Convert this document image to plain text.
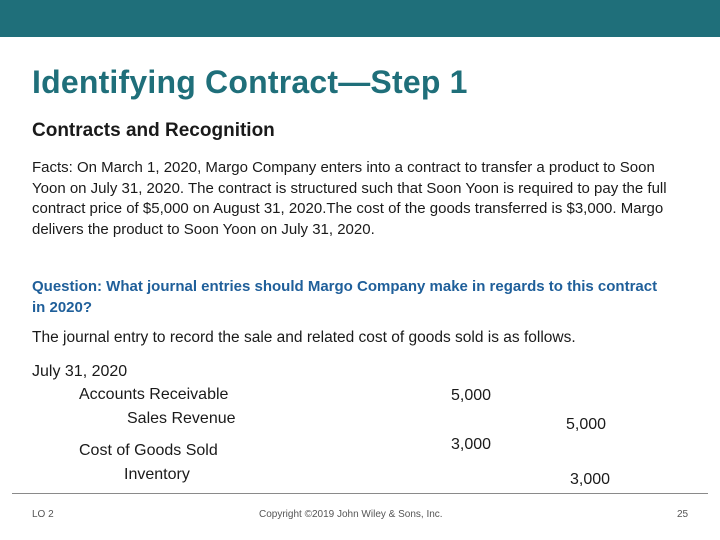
Identifying Contract—Step 1
Contracts and Recognition
Facts: On March 1, 2020, Margo Company enters into a contract to transfer a product to Soon Yoon on July 31, 2020. The contract is structured such that Soon Yoon is required to pay the full contract price of $5,000 on August 31, 2020.The cost of the goods transferred is $3,000. Margo delivers the product to Soon Yoon on July 31, 2020.
Question: What journal entries should Margo Company make in regards to this contract in 2020?
The journal entry to record the sale and related cost of goods sold is as follows.
July 31, 2020
Accounts Receivable	5,000
Sales Revenue	5,000
Cost of Goods Sold	3,000
Inventory	3,000
LO 2	Copyright ©2019 John Wiley & Sons, Inc.	25
